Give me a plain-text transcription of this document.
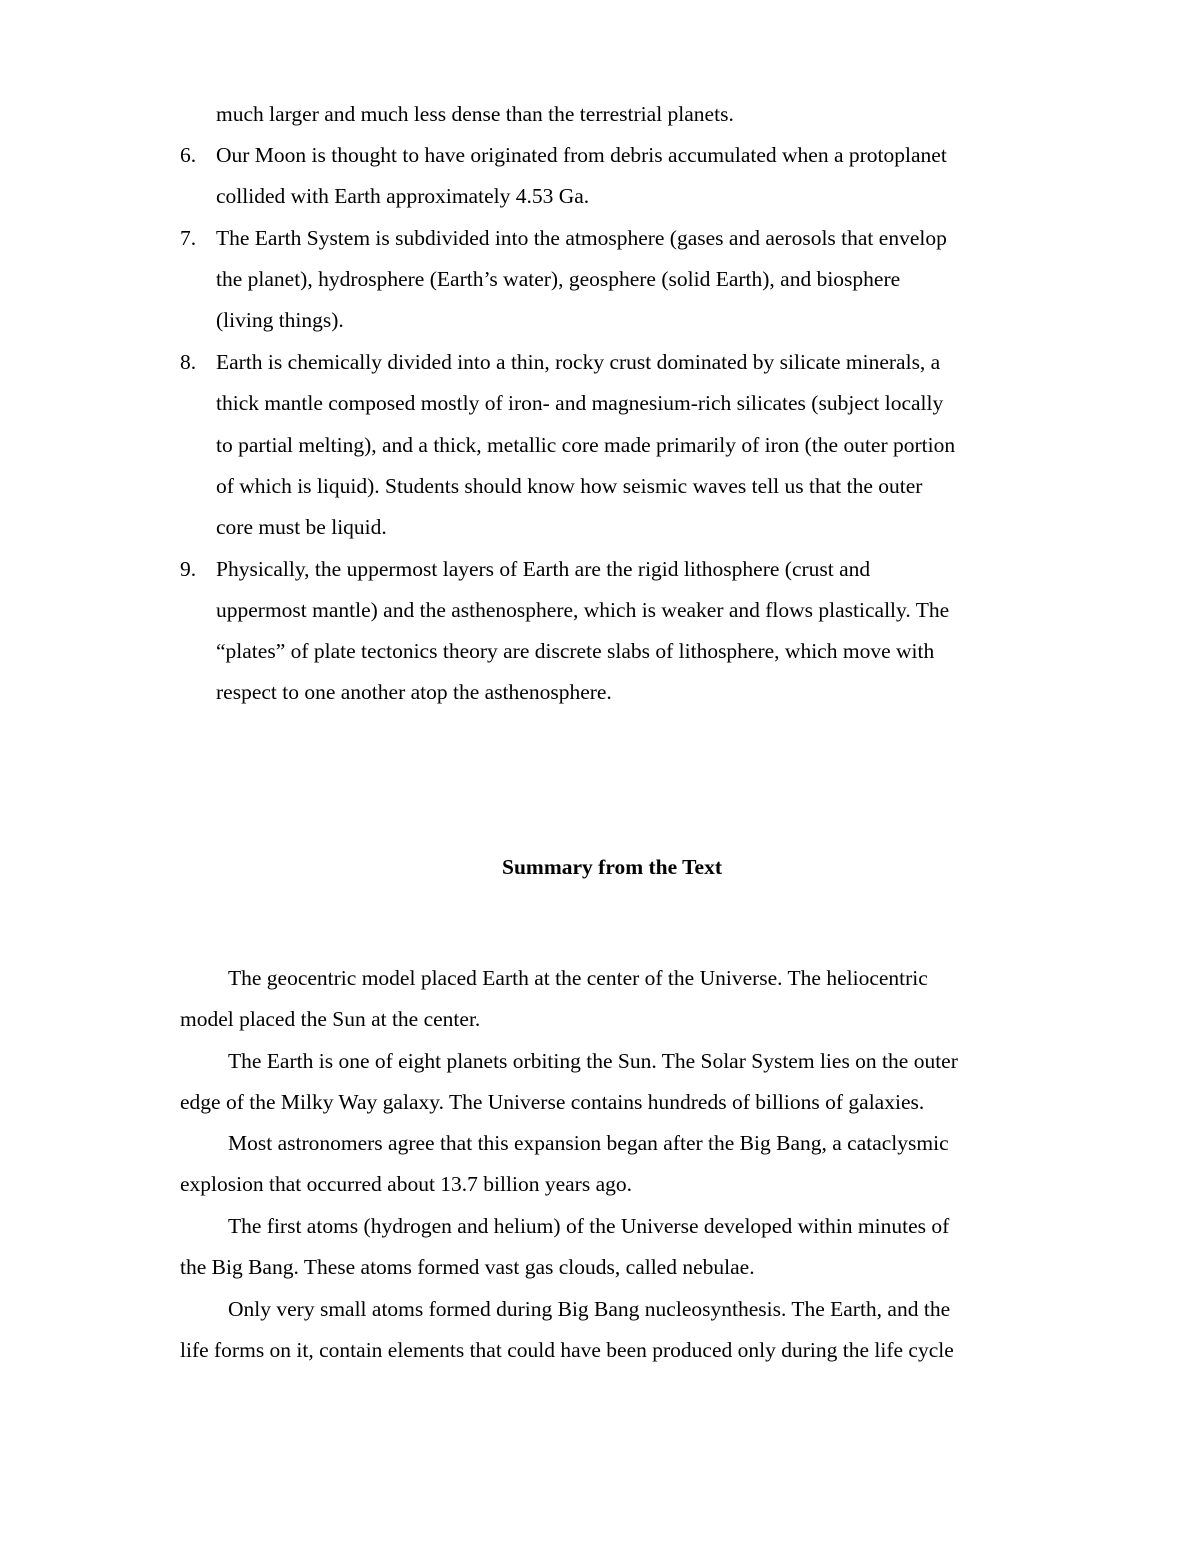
much larger and much less dense than the terrestrial planets.

6. Our Moon is thought to have originated from debris accumulated when a protoplanet

collided with Earth approximately 4.53 Ga.

7. The Earth System is subdivided into the atmosphere (gases and aerosols that envelop

the planet), hydrosphere (Earth’s water), geosphere (solid Earth), and biosphere

(living things).

8. Earth is chemically divided into a thin, rocky crust dominated by silicate minerals, a

thick mantle composed mostly of iron- and magnesium-rich silicates (subject locally

to partial melting), and a thick, metallic core made primarily of iron (the outer portion

of which is liquid). Students should know how seismic waves tell us that the outer

core must be liquid.

9. Physically, the uppermost layers of Earth are the rigid lithosphere (crust and

uppermost mantle) and the asthenosphere, which is weaker and flows plastically. The

“plates” of plate tectonics theory are discrete slabs of lithosphere, which move with

respect to one another atop the asthenosphere.

Summary from the Text

The geocentric model placed Earth at the center of the Universe. The heliocentric

model placed the Sun at the center.

The Earth is one of eight planets orbiting the Sun. The Solar System lies on the outer

edge of the Milky Way galaxy. The Universe contains hundreds of billions of galaxies.

Most astronomers agree that this expansion began after the Big Bang, a cataclysmic

explosion that occurred about 13.7 billion years ago.

The first atoms (hydrogen and helium) of the Universe developed within minutes of

the Big Bang. These atoms formed vast gas clouds, called nebulae.

Only very small atoms formed during Big Bang nucleosynthesis. The Earth, and the

life forms on it, contain elements that could have been produced only during the life cycle
